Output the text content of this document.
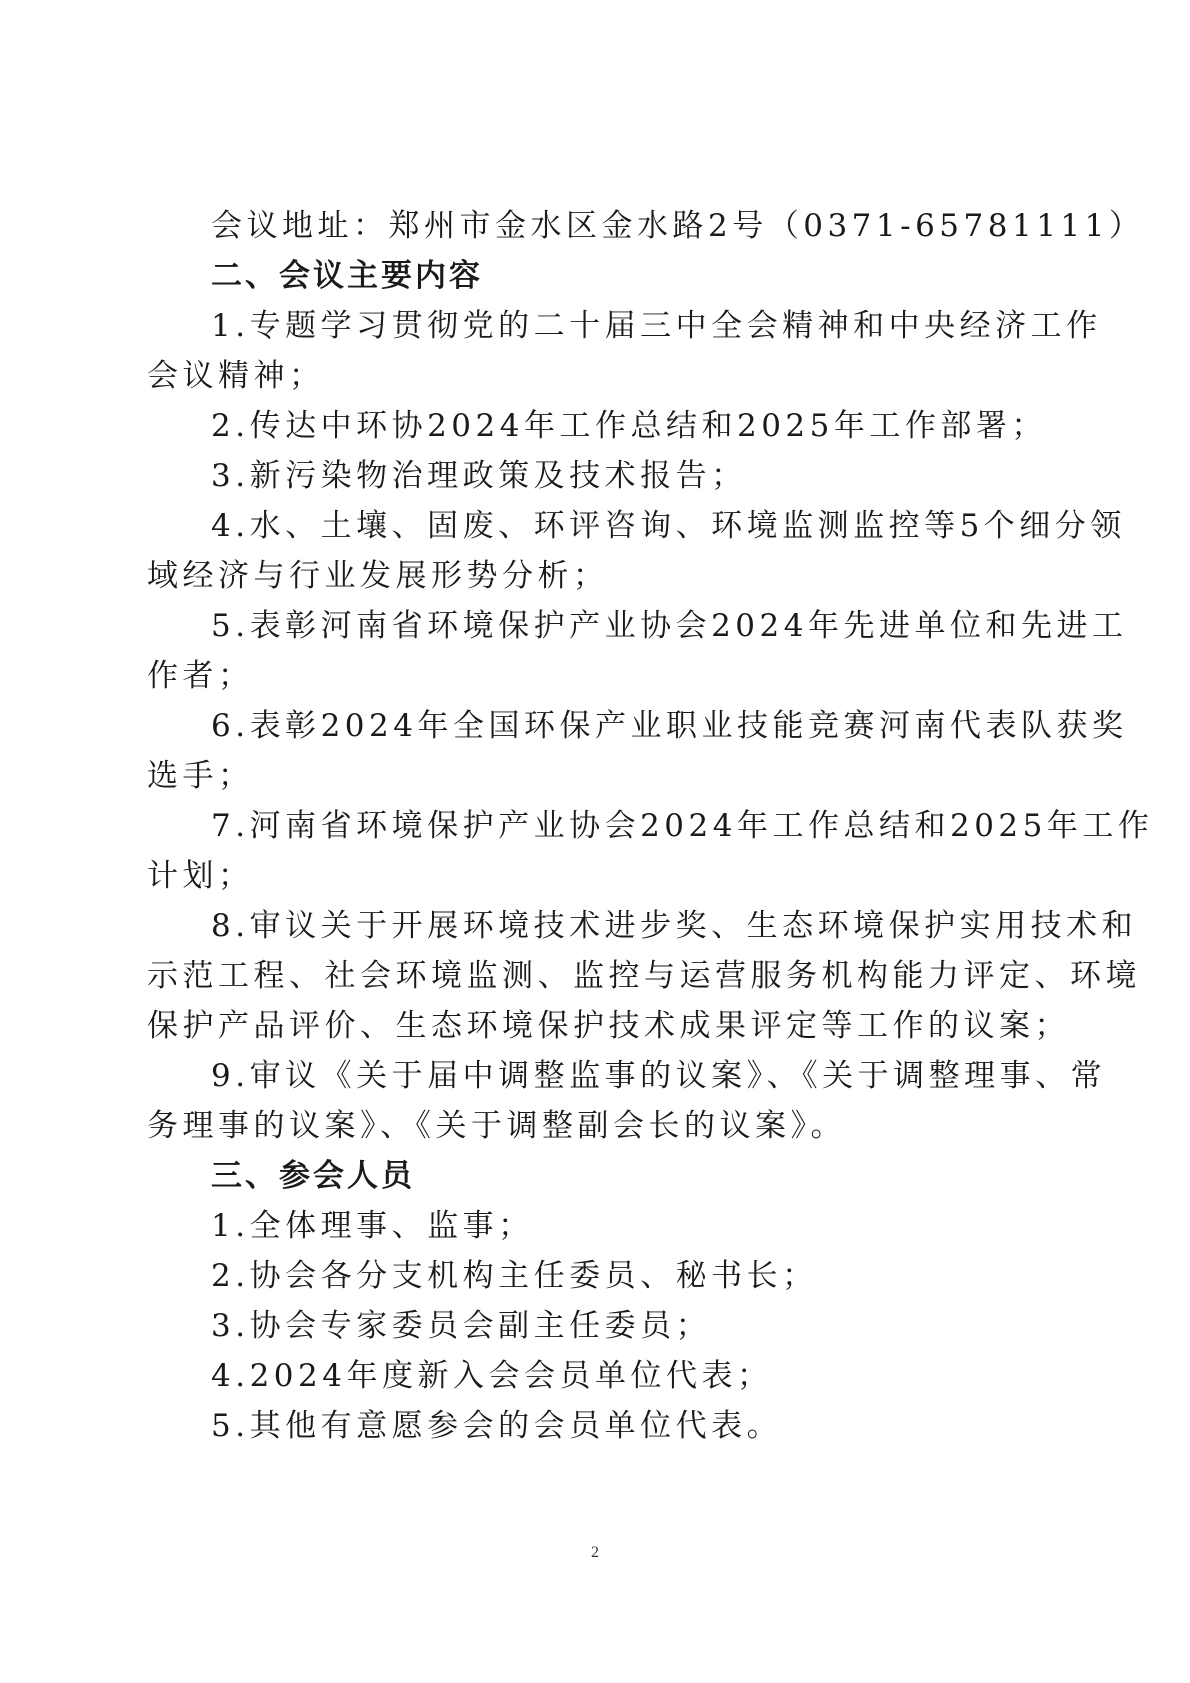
会议地址：郑州市金水区金水路2号（0371-65781111）
二、会议主要内容
1.专题学习贯彻党的二十届三中全会精神和中央经济工作
会议精神；
2.传达中环协2024年工作总结和2025年工作部署；
3.新污染物治理政策及技术报告；
4.水、土壤、固废、环评咨询、环境监测监控等5个细分领
域经济与行业发展形势分析；
5.表彰河南省环境保护产业协会2024年先进单位和先进工
作者；
6.表彰2024年全国环保产业职业技能竞赛河南代表队获奖
选手；
7.河南省环境保护产业协会2024年工作总结和2025年工作
计划；
8.审议关于开展环境技术进步奖、生态环境保护实用技术和
示范工程、社会环境监测、监控与运营服务机构能力评定、环境
保护产品评价、生态环境保护技术成果评定等工作的议案；
9.审议《关于届中调整监事的议案》、《关于调整理事、常
务理事的议案》、《关于调整副会长的议案》。
三、参会人员
1.全体理事、监事；
2.协会各分支机构主任委员、秘书长；
3.协会专家委员会副主任委员；
4.2024年度新入会会员单位代表；
5.其他有意愿参会的会员单位代表。
2
